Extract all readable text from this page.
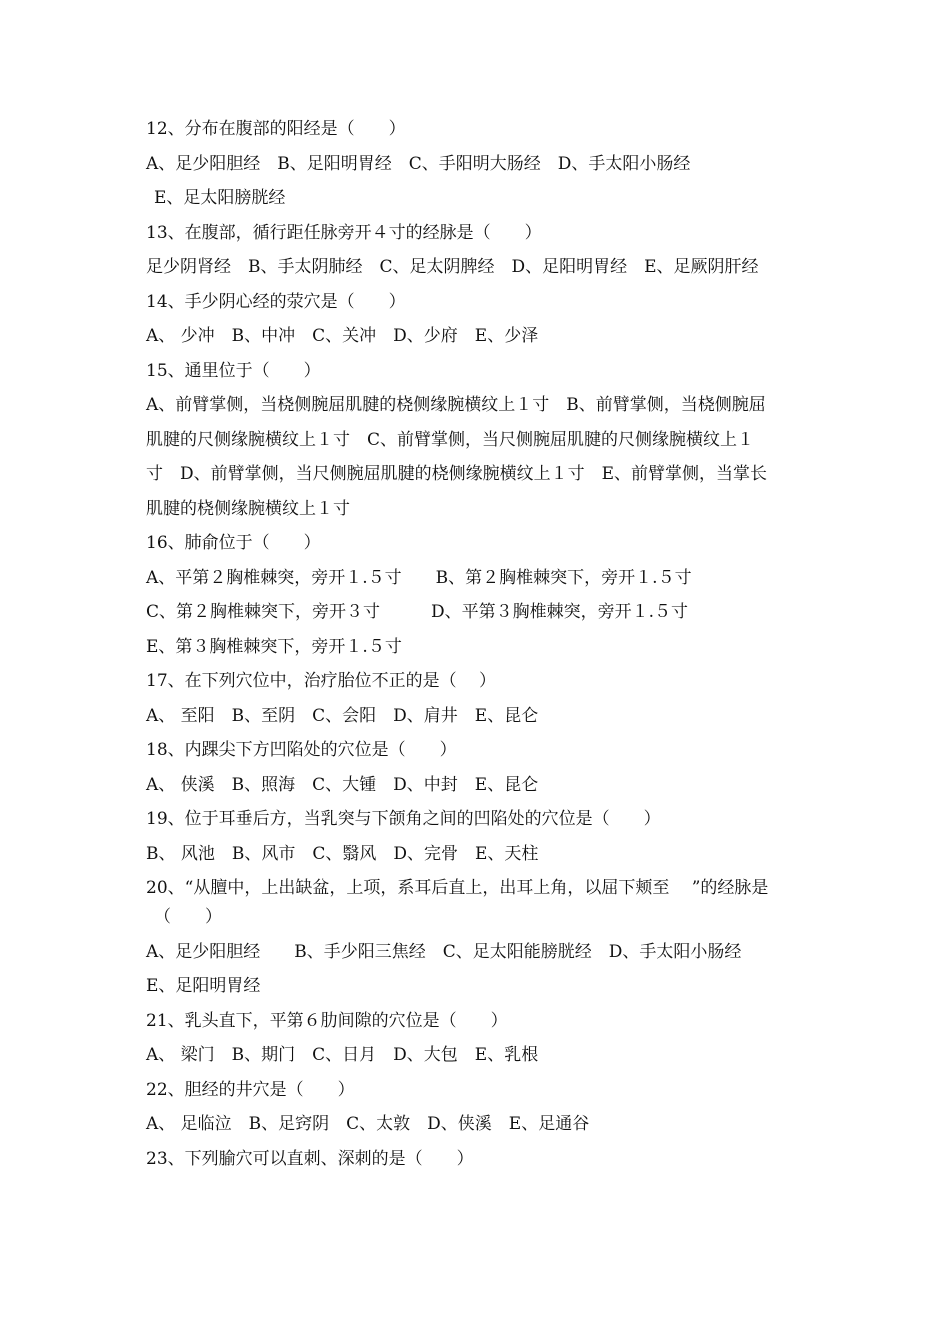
12、分布在腹部的阳经是（　　）
A、足少阳胆经　B、足阳明胃经　C、手阳明大肠经　D、手太阳小肠经
E、足太阳膀胱经
13、在腹部，循行距任脉旁开４寸的经脉是（　　）
足少阴肾经　B、手太阴肺经　C、足太阴脾经　D、足阳明胃经　E、足厥阴肝经
14、手少阴心经的荥穴是（　　）
A、 少冲　B、中冲　C、关冲　D、少府　E、少泽
15、通里位于（　　）
A、前臂掌侧，当桡侧腕屈肌腱的桡侧缘腕横纹上１寸　B、前臂掌侧，当桡侧腕屈
肌腱的尺侧缘腕横纹上１寸　C、前臂掌侧，当尺侧腕屈肌腱的尺侧缘腕横纹上１
寸　D、前臂掌侧，当尺侧腕屈肌腱的桡侧缘腕横纹上１寸　E、前臂掌侧，当掌长
肌腱的桡侧缘腕横纹上１寸
16、肺俞位于（　　）
A、平第２胸椎棘突，旁开１.５寸　　B、第２胸椎棘突下，旁开１.５寸
C、第２胸椎棘突下，旁开３寸　　　D、平第３胸椎棘突，旁开１.５寸
E、第３胸椎棘突下，旁开１.５寸
17、在下列穴位中，治疗胎位不正的是（　 ）
A、 至阳　B、至阴　C、会阳　D、肩井　E、昆仑
18、内踝尖下方凹陷处的穴位是（　　）
A、 侠溪　B、照海　C、大锺　D、中封　E、昆仑
19、位于耳垂后方，当乳突与下颌角之间的凹陷处的穴位是（　　）
B、 风池　B、风市　C、翳风　D、完骨　E、天柱
20、“从膻中，上出缺盆，上项，系耳后直上，出耳上角，以屈下颊至　 ”的经脉是
（　　）
A、足少阳胆经　　B、手少阳三焦经　C、足太阳能膀胱经　D、手太阳小肠经
E、足阳明胃经
21、乳头直下，平第６肋间隙的穴位是（　　）
A、 梁门　B、期门　C、日月　D、大包　E、乳根
22、胆经的井穴是（　　）
A、 足临泣　B、足窍阴　C、太敦　D、侠溪　E、足通谷
23、下列腧穴可以直刺、深刺的是（　　）
